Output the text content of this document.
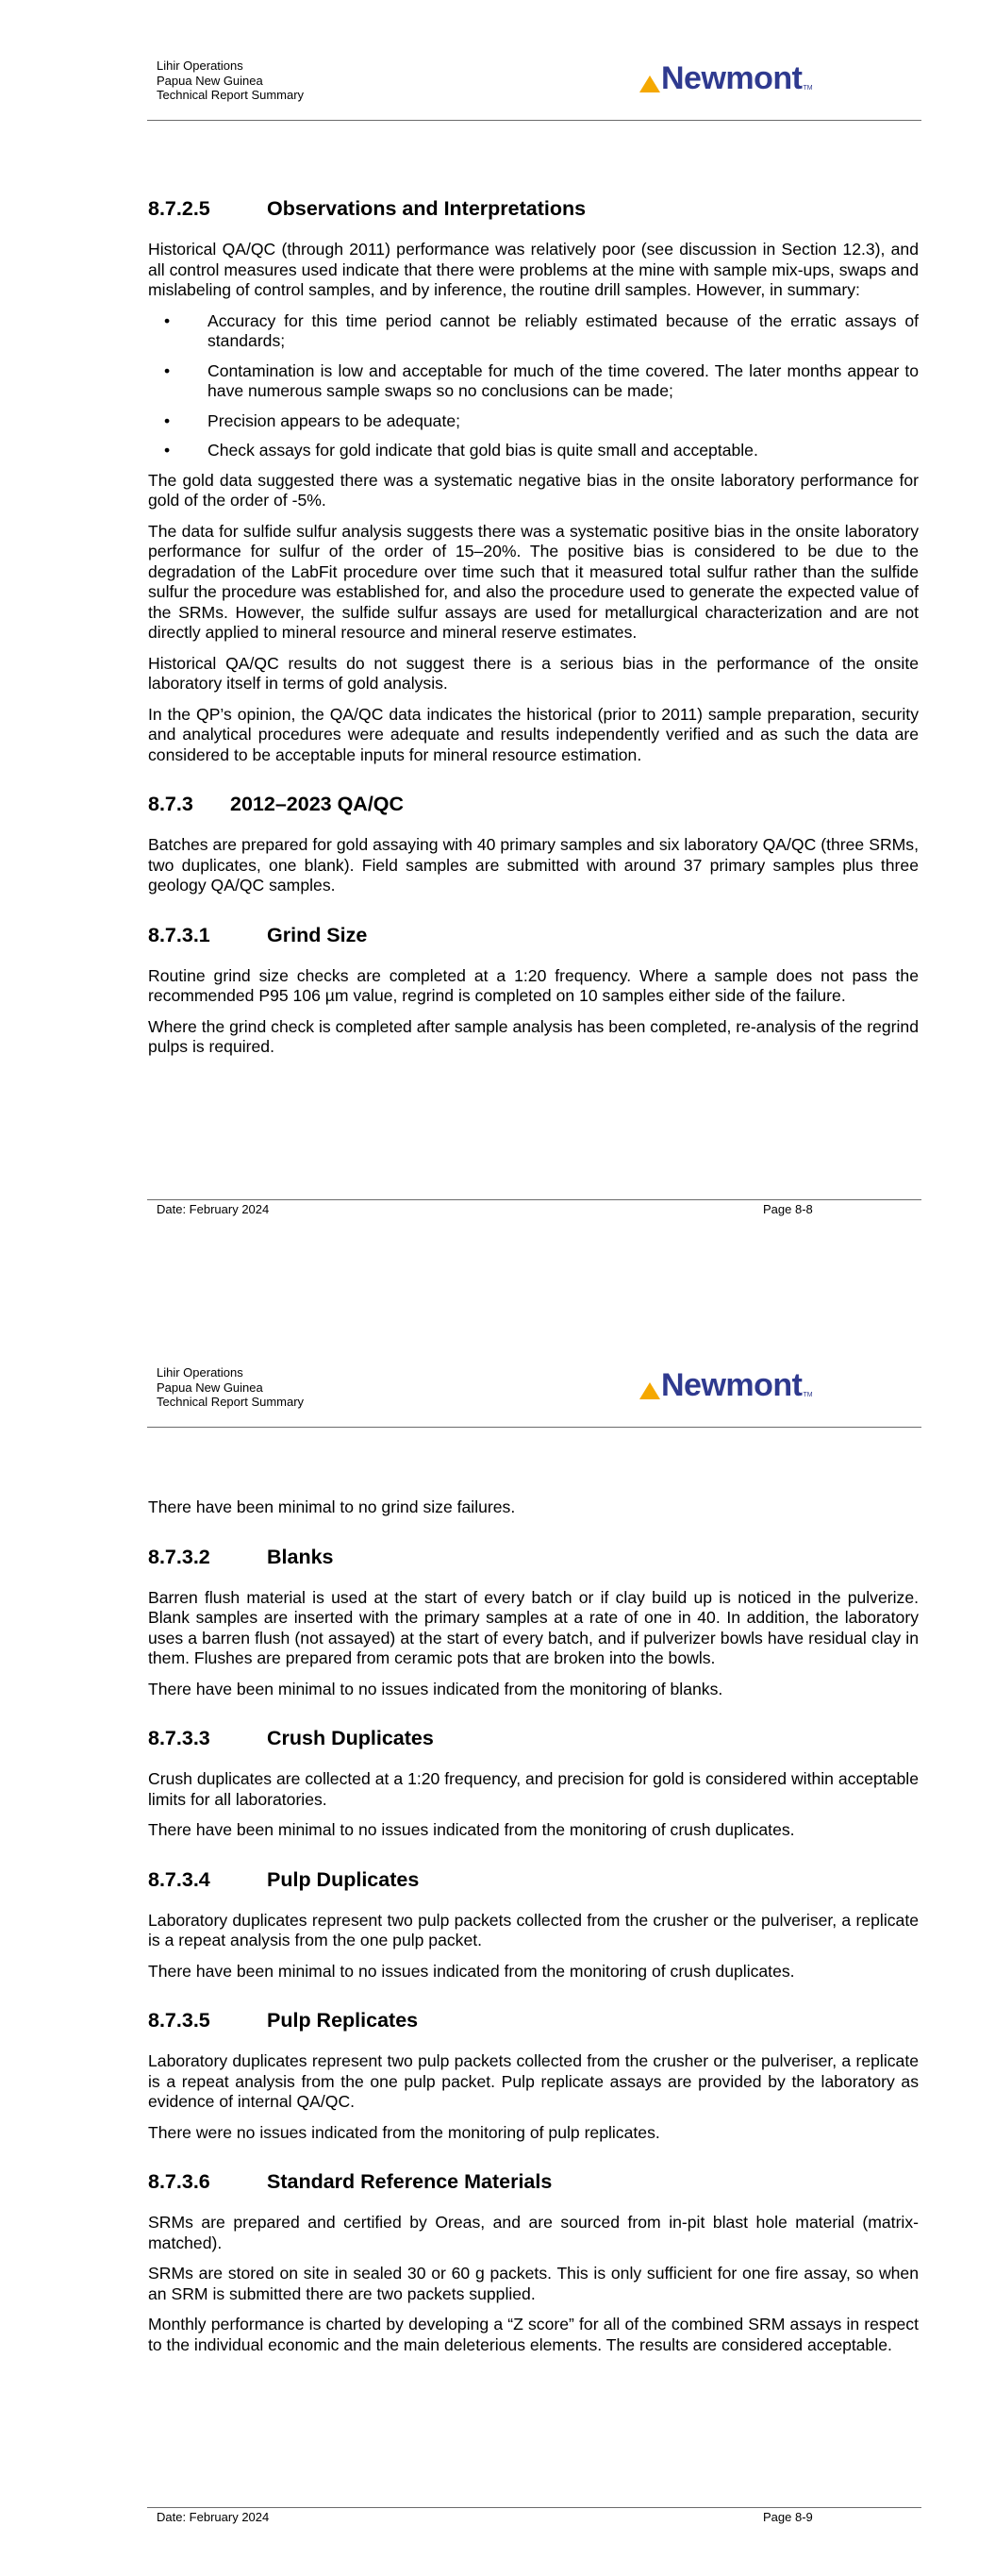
Lihir Operations
Papua New Guinea
Technical Report Summary	Newmont TM
8.7.2.5	Observations and Interpretations

Historical QA/QC (through 2011) performance was relatively poor (see discussion in Section 12.3), and all control measures used indicate that there were problems at the mine with sample mix-ups, swaps and mislabeling of control samples, and by inference, the routine drill samples. However, in summary:

• Accuracy for this time period cannot be reliably estimated because of the erratic assays of standards;
• Contamination is low and acceptable for much of the time covered. The later months appear to have numerous sample swaps so no conclusions can be made;
• Precision appears to be adequate;
• Check assays for gold indicate that gold bias is quite small and acceptable.

The gold data suggested there was a systematic negative bias in the onsite laboratory performance for gold of the order of -5%.

The data for sulfide sulfur analysis suggests there was a systematic positive bias in the onsite laboratory performance for sulfur of the order of 15–20%. The positive bias is considered to be due to the degradation of the LabFit procedure over time such that it measured total sulfur rather than the sulfide sulfur the procedure was established for, and also the procedure used to generate the expected value of the SRMs. However, the sulfide sulfur assays are used for metallurgical characterization and are not directly applied to mineral resource and mineral reserve estimates.

Historical QA/QC results do not suggest there is a serious bias in the performance of the onsite laboratory itself in terms of gold analysis.

In the QP’s opinion, the QA/QC data indicates the historical (prior to 2011) sample preparation, security and analytical procedures were adequate and results independently verified and as such the data are considered to be acceptable inputs for mineral resource estimation.

8.7.3 2012–2023 QA/QC

Batches are prepared for gold assaying with 40 primary samples and six laboratory QA/QC (three SRMs, two duplicates, one blank). Field samples are submitted with around 37 primary samples plus three geology QA/QC samples.

8.7.3.1	Grind Size

Routine grind size checks are completed at a 1:20 frequency. Where a sample does not pass the recommended P95 106 µm value, regrind is completed on 10 samples either side of the failure.

Where the grind check is completed after sample analysis has been completed, re-analysis of the regrind pulps is required.

Date: February 2024	Page 8-8
Lihir Operations
Papua New Guinea
Technical Report Summary	Newmont TM

There have been minimal to no grind size failures.

8.7.3.2	Blanks

Barren flush material is used at the start of every batch or if clay build up is noticed in the pulverize. Blank samples are inserted with the primary samples at a rate of one in 40. In addition, the laboratory uses a barren flush (not assayed) at the start of every batch, and if pulverizer bowls have residual clay in them. Flushes are prepared from ceramic pots that are broken into the bowls.

There have been minimal to no issues indicated from the monitoring of blanks.

8.7.3.3	Crush Duplicates

Crush duplicates are collected at a 1:20 frequency, and precision for gold is considered within acceptable limits for all laboratories.

There have been minimal to no issues indicated from the monitoring of crush duplicates.

8.7.3.4	Pulp Duplicates

Laboratory duplicates represent two pulp packets collected from the crusher or the pulveriser, a replicate is a repeat analysis from the one pulp packet.

There have been minimal to no issues indicated from the monitoring of crush duplicates.

8.7.3.5	Pulp Replicates

Laboratory duplicates represent two pulp packets collected from the crusher or the pulveriser, a replicate is a repeat analysis from the one pulp packet. Pulp replicate assays are provided by the laboratory as evidence of internal QA/QC.

There were no issues indicated from the monitoring of pulp replicates.

8.7.3.6	Standard Reference Materials

SRMs are prepared and certified by Oreas, and are sourced from in-pit blast hole material (matrix-matched).

SRMs are stored on site in sealed 30 or 60 g packets. This is only sufficient for one fire assay, so when an SRM is submitted there are two packets supplied.

Monthly performance is charted by developing a “Z score” for all of the combined SRM assays in respect to the individual economic and the main deleterious elements. The results are considered acceptable.

Date: February 2024	Page 8-9
